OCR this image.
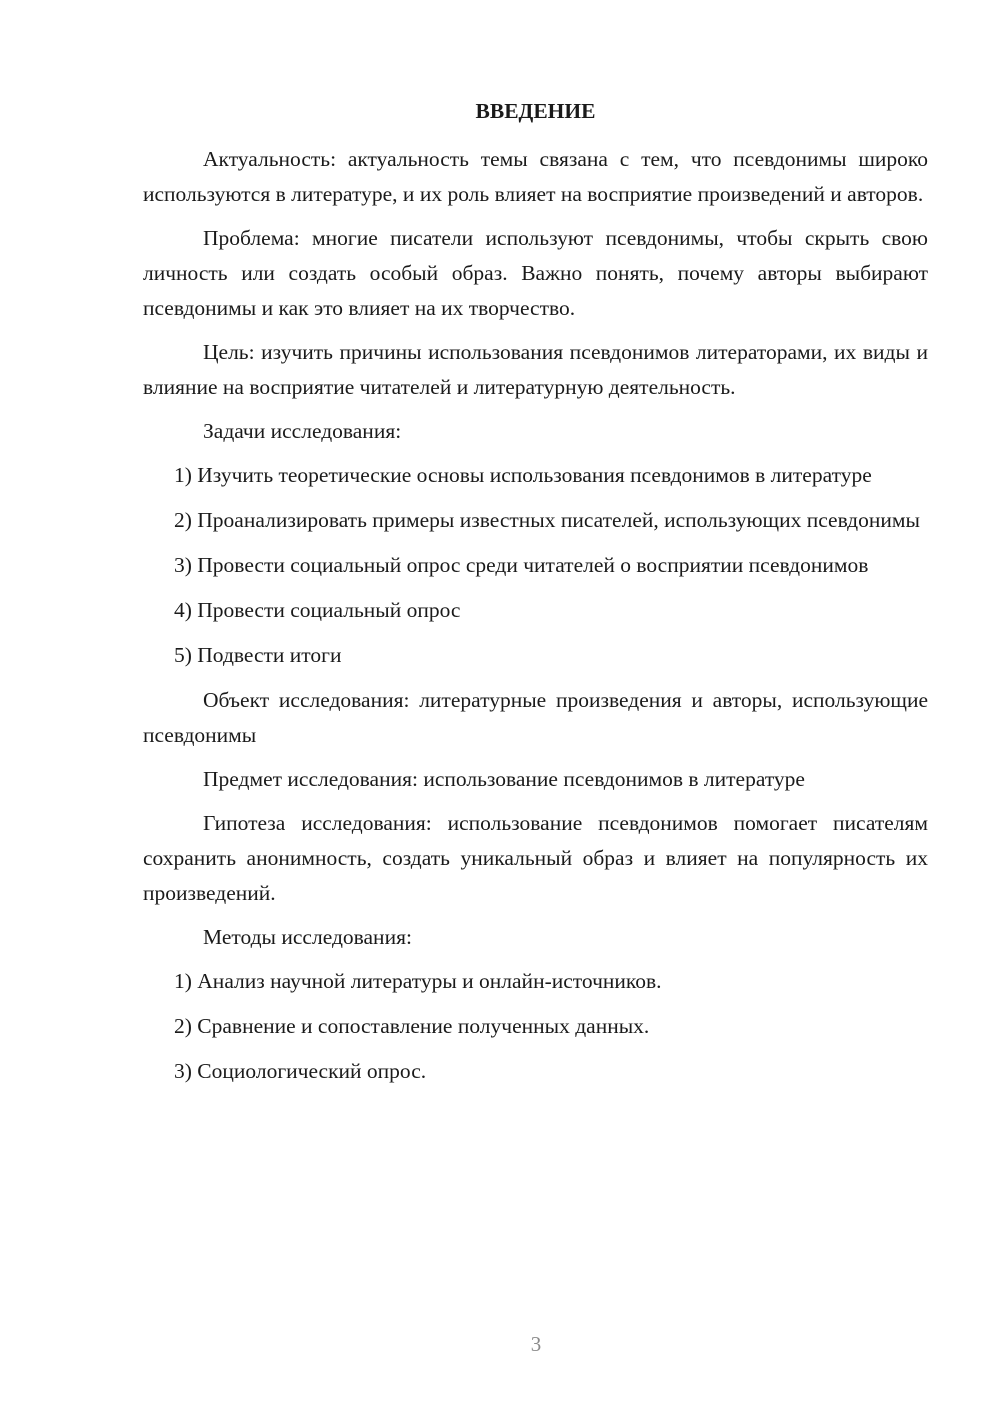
ВВЕДЕНИЕ
Актуальность: актуальность темы связана с тем, что псевдонимы широко используются в литературе, и их роль влияет на восприятие произведений и авторов.
Проблема: многие писатели используют псевдонимы, чтобы скрыть свою личность или создать особый образ. Важно понять, почему авторы выбирают псевдонимы и как это влияет на их творчество.
Цель: изучить причины использования псевдонимов литераторами, их виды и влияние на восприятие читателей и литературную деятельность.
Задачи исследования:
1) Изучить теоретические основы использования псевдонимов в литературе
2) Проанализировать примеры известных писателей, использующих псевдонимы
3) Провести социальный опрос среди читателей о восприятии псевдонимов
4) Провести социальный опрос
5) Подвести итоги
Объект исследования: литературные произведения и авторы, использующие псевдонимы
Предмет исследования: использование псевдонимов в литературе
Гипотеза исследования: использование псевдонимов помогает писателям сохранить анонимность, создать уникальный образ и влияет на популярность их произведений.
Методы исследования:
1) Анализ научной литературы и онлайн-источников.
2) Сравнение и сопоставление полученных данных.
3) Социологический опрос.
3
